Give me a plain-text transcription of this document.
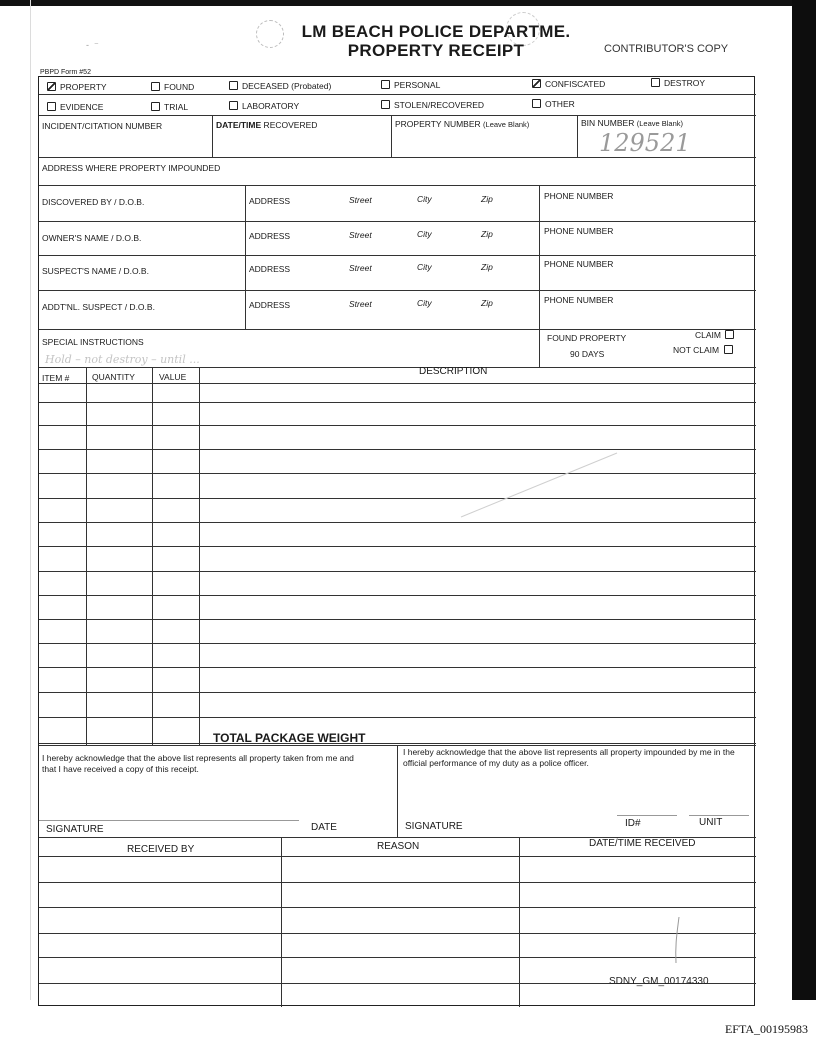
-  ⁻
LM BEACH POLICE DEPARTME.
PROPERTY RECEIPT	CONTRIBUTOR'S COPY
PBPD Form #52
PROPERTY	FOUND	DECEASED (Probated)	PERSONAL	CONFISCATED	DESTROY
EVIDENCE	TRIAL	LABORATORY	STOLEN/RECOVERED	OTHER
INCIDENT/CITATION NUMBER	DATE/TIME RECOVERED	PROPERTY NUMBER (Leave Blank)	BIN NUMBER (Leave Blank)
129521
ADDRESS WHERE PROPERTY IMPOUNDED
DISCOVERED BY / D.O.B.	ADDRESS	Street	City	Zip	PHONE NUMBER
OWNER'S NAME / D.O.B.	ADDRESS	Street	City	Zip	PHONE NUMBER
SUSPECT'S NAME / D.O.B.	ADDRESS	Street	City	Zip	PHONE NUMBER
ADDT'NL. SUSPECT / D.O.B.	ADDRESS	Street	City	Zip	PHONE NUMBER
SPECIAL INSTRUCTIONS
Hold – not destroy – until ...
FOUND PROPERTY
90 DAYS
CLAIM
NOT CLAIM
ITEM #	QUANTITY	VALUE	DESCRIPTION
TOTAL PACKAGE WEIGHT
I hereby acknowledge that the above list represents all property taken from me and that I have received a copy of this receipt.
I hereby acknowledge that the above list represents all property impounded by me in the official performance of my duty as a police officer.
SIGNATURE	DATE	SIGNATURE	ID#	UNIT
RECEIVED BY	REASON	DATE/TIME RECEIVED
SDNY_GM_00174330
EFTA_00195983
